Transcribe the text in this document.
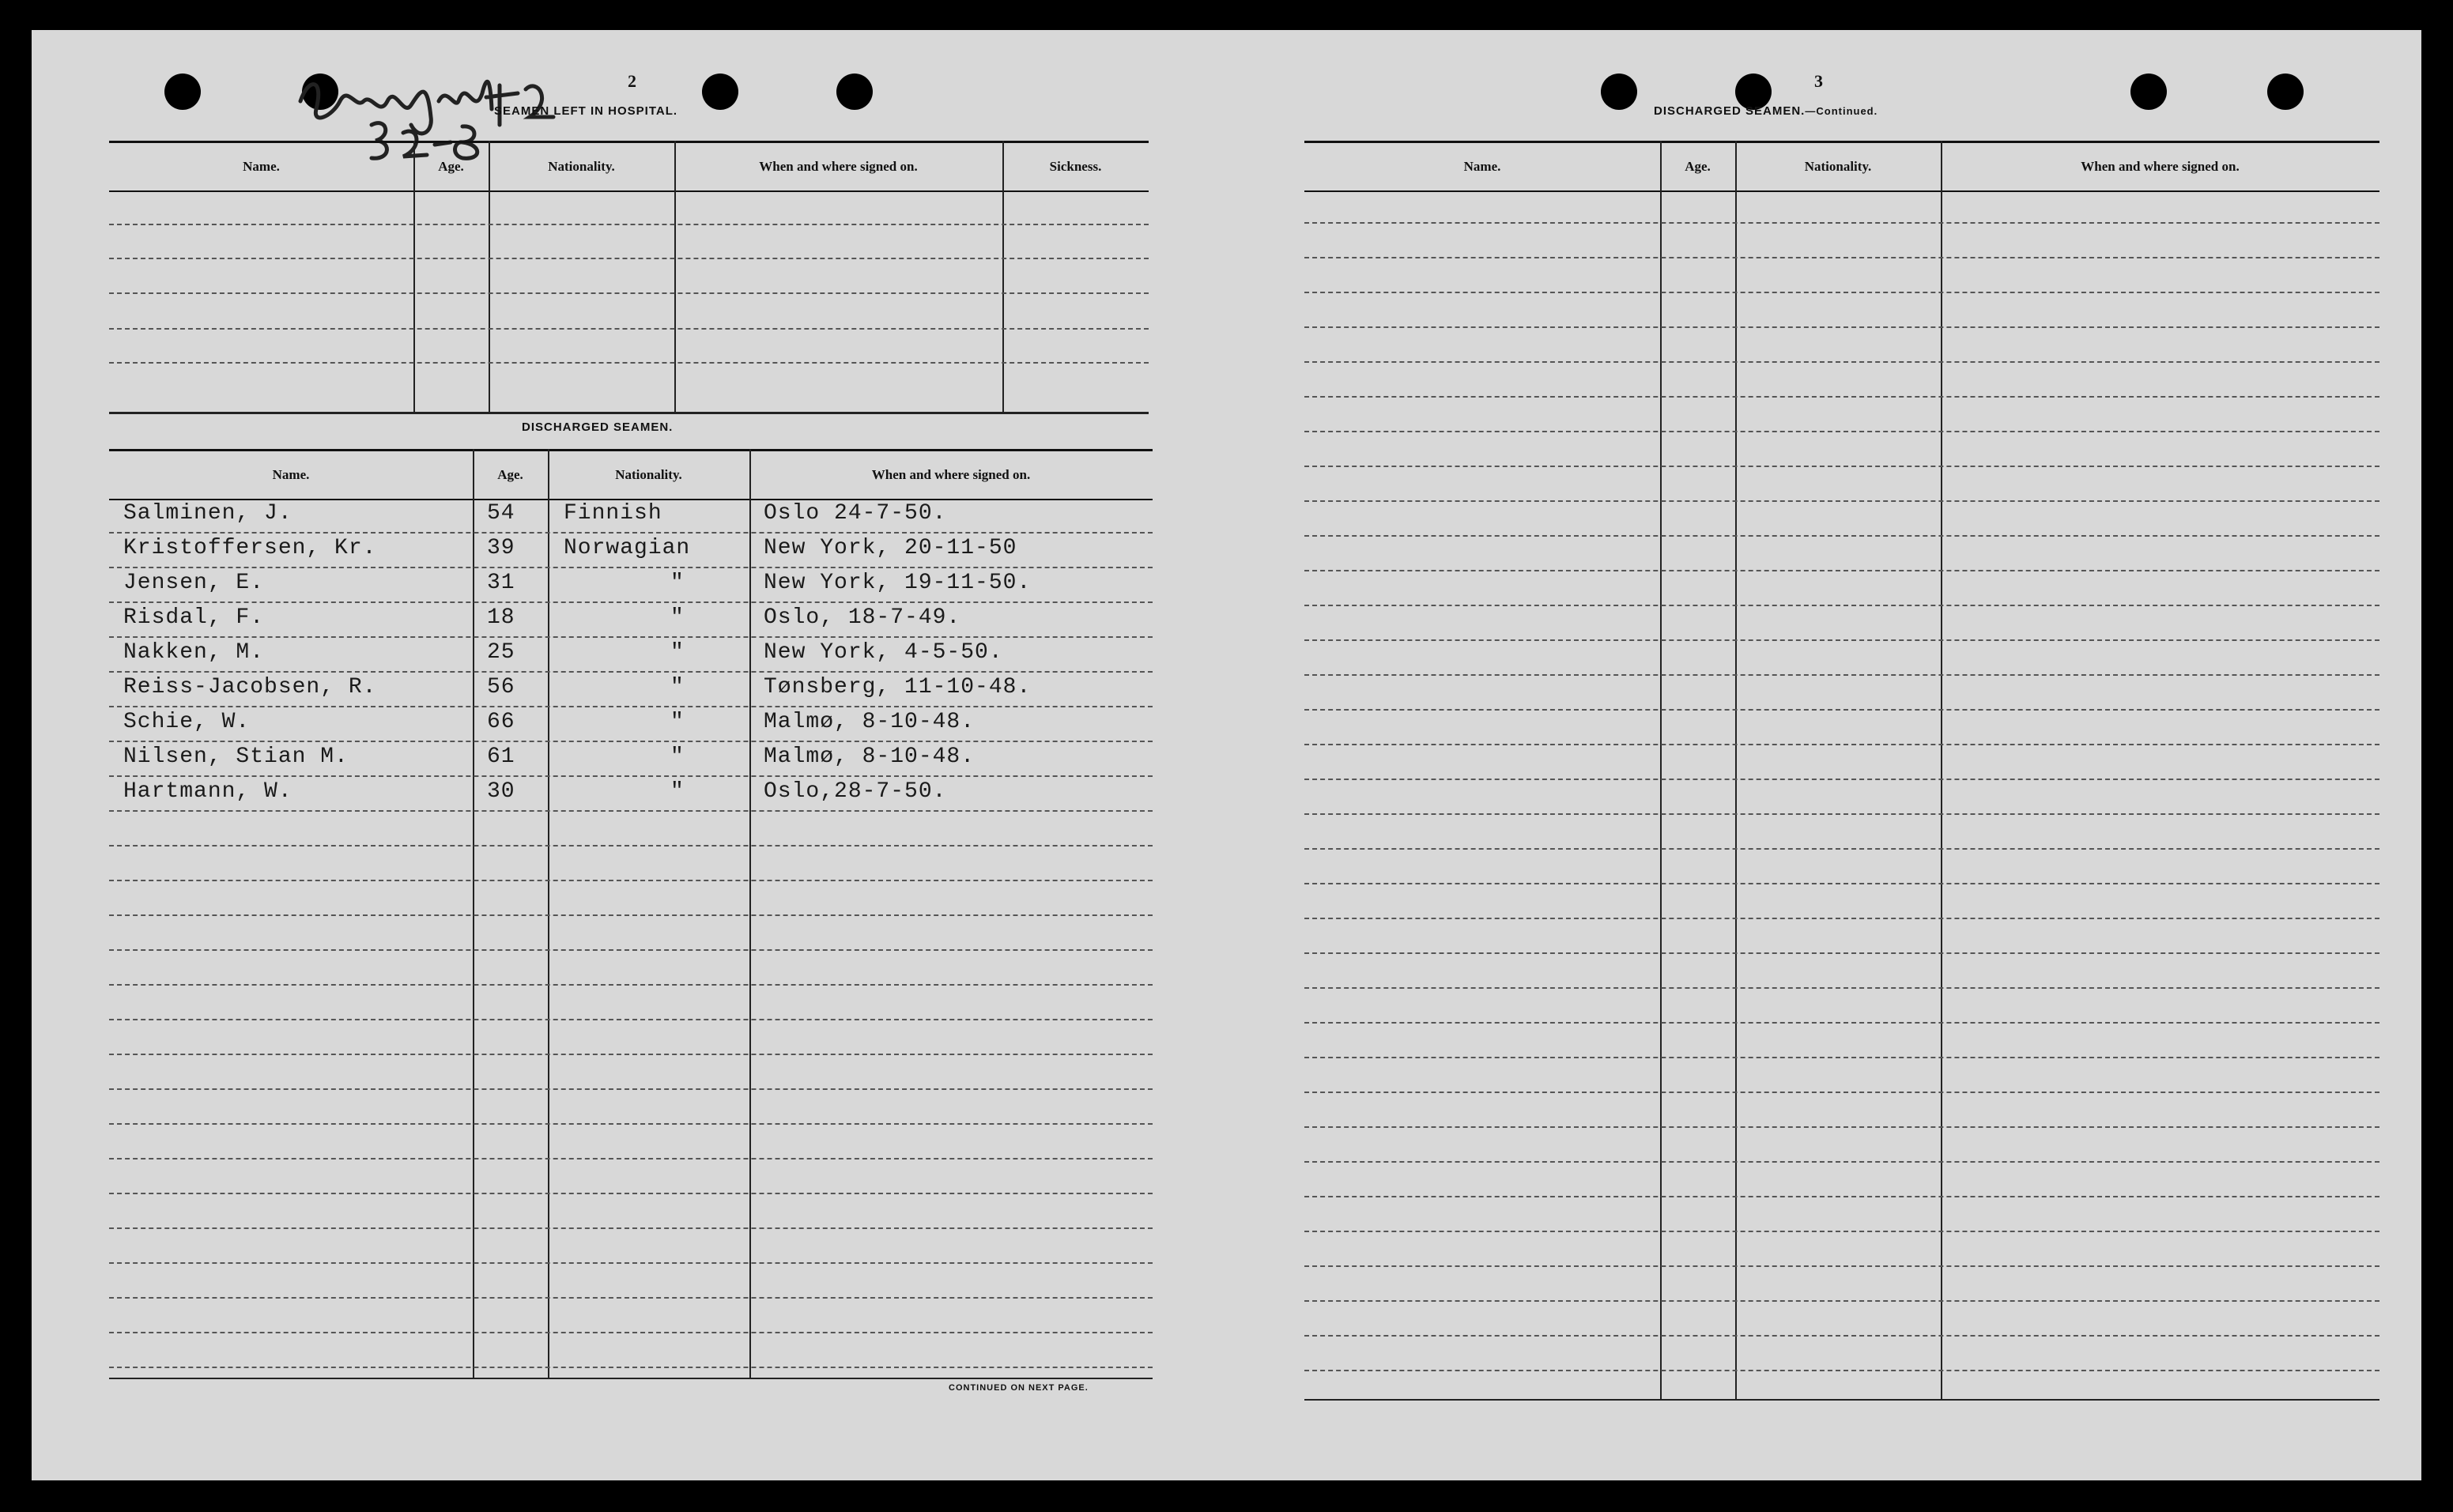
2
SEAMEN LEFT IN HOSPITAL.
Name.	Age.	Nationality.	When and where signed on.	Sickness.
DISCHARGED SEAMEN.
Name.	Age.	Nationality.	When and where signed on.
Salminen, J.	54 Finnish	Oslo 24-7-50.
Kristoffersen, Kr.	39 Norwagian	New York, 20-11-50
Jensen, E.	31	"	New York, 19-11-50.
Risdal, F.	18	"	Oslo, 18-7-49.
Nakken, M.	25	"	New York, 4-5-50.
Reiss-Jacobsen, R.	56	"	Tønsberg, 11-10-48.
Schie, W.	66	"	Malmø, 8-10-48.
Nilsen, Stian M.	61	"	Malmø, 8-10-48.
Hartmann, W.	30	"	Oslo,28-7-50.
CONTINUED ON NEXT PAGE.
3
DISCHARGED SEAMEN.—Continued.
Name.	Age.	Nationality.	When and where signed on.
